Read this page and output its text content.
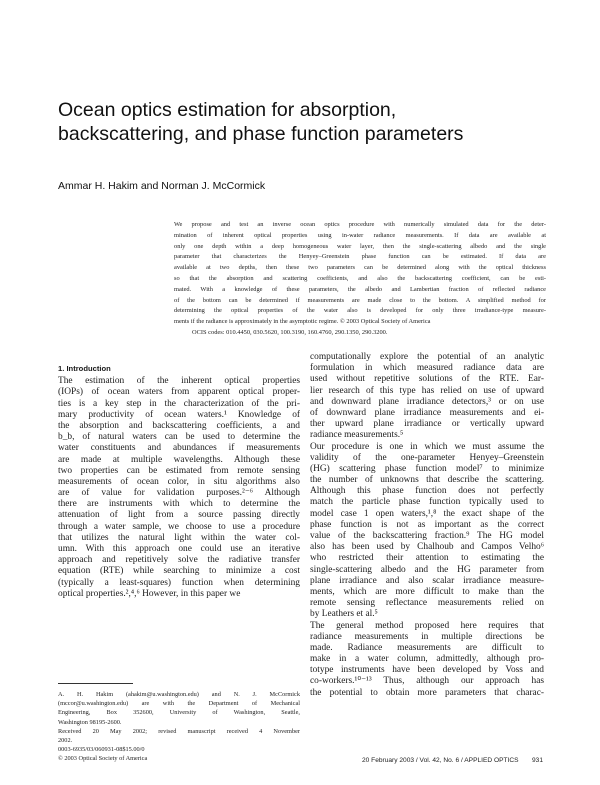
Ocean optics estimation for absorption,
backscattering, and phase function parameters
Ammar H. Hakim and Norman J. McCormick
We propose and test an inverse ocean optics procedure with numerically simulated data for the deter-
mination of inherent optical properties using in-water radiance measurements. If data are available at
only one depth within a deep homogeneous water layer, then the single-scattering albedo and the single
parameter that characterizes the Henyey–Greenstein phase function can be estimated. If data are
available at two depths, then these two parameters can be determined along with the optical thickness
so that the absorption and scattering coefficients, and also the backscattering coefficient, can be esti-
mated. With a knowledge of these parameters, the albedo and Lambertian fraction of reflected radiance
of the bottom can be determined if measurements are made close to the bottom. A simplified method for
determining the optical properties of the water also is developed for only three irradiance-type measure-
ments if the radiance is approximately in the asymptotic regime. © 2003 Optical Society of America
OCIS codes: 010.4450, 030.5620, 100.3190, 160.4760, 290.1350, 290.3200.
1. Introduction
The estimation of the inherent optical properties
(IOPs) of ocean waters from apparent optical proper-
ties is a key step in the characterization of the pri-
mary productivity of ocean waters.¹ Knowledge of
the absorption and backscattering coefficients, a and
b_b, of natural waters can be used to determine the
water constituents and abundances if measurements
are made at multiple wavelengths. Although these
two properties can be estimated from remote sensing
measurements of ocean color, in situ algorithms also
are of value for validation purposes.²⁻⁶ Although
there are instruments with which to determine the
attenuation of light from a source passing directly
through a water sample, we choose to use a procedure
that utilizes the natural light within the water col-
umn. With this approach one could use an iterative
approach and repetitively solve the radiative transfer
equation (RTE) while searching to minimize a cost
(typically a least-squares) function when determining
optical properties.²,⁴,⁶ However, in this paper we
computationally explore the potential of an analytic
formulation in which measured radiance data are
used without repetitive solutions of the RTE. Ear-
lier research of this type has relied on use of upward
and downward plane irradiance detectors,³ or on use
of downward plane irradiance measurements and ei-
ther upward plane irradiance or vertically upward
radiance measurements.⁵
Our procedure is one in which we must assume the
validity of the one-parameter Henyey–Greenstein
(HG) scattering phase function model⁷ to minimize
the number of unknowns that describe the scattering.
Although this phase function does not perfectly
match the particle phase function typically used to
model case 1 open waters,¹,⁸ the exact shape of the
phase function is not as important as the correct
value of the backscattering fraction.⁹ The HG model
also has been used by Chalhoub and Campos Velho⁶
who restricted their attention to estimating the
single-scattering albedo and the HG parameter from
plane irradiance and also scalar irradiance measure-
ments, which are more difficult to make than the
remote sensing reflectance measurements relied on
by Leathers et al.⁵
The general method proposed here requires that
radiance measurements in multiple directions be
made. Radiance measurements are difficult to
make in a water column, admittedly, although pro-
totype instruments have been developed by Voss and
co-workers.¹⁰⁻¹³ Thus, although our approach has
the potential to obtain more parameters that charac-
A. H. Hakim (ahakim@u.washington.edu) and N. J. McCormick
(mccor@u.washington.edu) are with the Department of Mechanical
Engineering, Box 352600, University of Washington, Seattle,
Washington 98195-2600.
Received 20 May 2002; revised manuscript received 4 November
2002.
0003-6935/03/060931-08$15.00/0
© 2003 Optical Society of America	20 February 2003 / Vol. 42, No. 6 / APPLIED OPTICS 931
